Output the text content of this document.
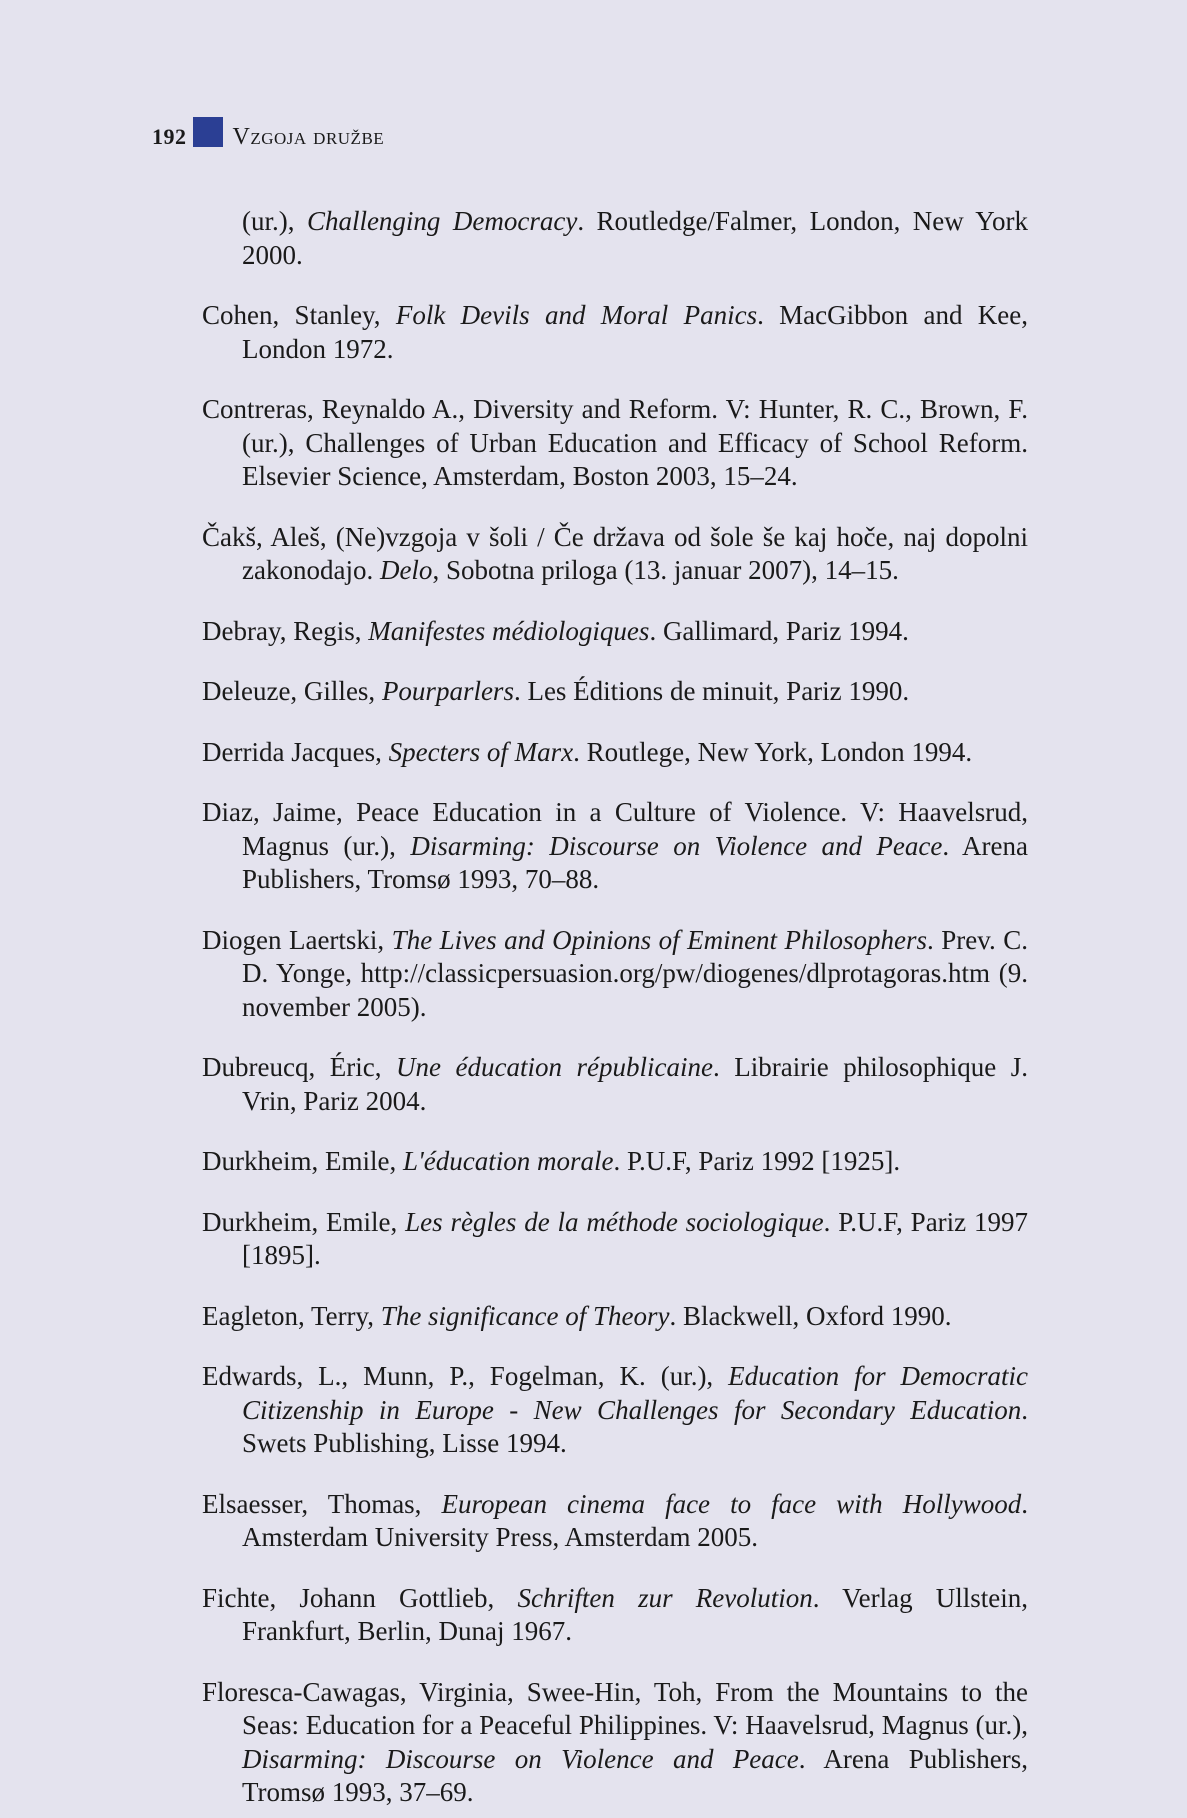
192 Vzgoja družbe

(ur.), Challenging Democracy. Routledge/Falmer, London, New York 2000.

Cohen, Stanley, Folk Devils and Moral Panics. MacGibbon and Kee, London 1972.

Contreras, Reynaldo A., Diversity and Reform. V: Hunter, R. C., Brown, F. (ur.), Challenges of Urban Education and Efficacy of School Reform. Elsevier Science, Amsterdam, Boston 2003, 15–24.

Čakš, Aleš, (Ne)vzgoja v šoli / Če država od šole še kaj hoče, naj dopolni zakonodajo. Delo, Sobotna priloga (13. januar 2007), 14–15.

Debray, Regis, Manifestes médiologiques. Gallimard, Pariz 1994.

Deleuze, Gilles, Pourparlers. Les Éditions de minuit, Pariz 1990.

Derrida Jacques, Specters of Marx. Routlege, New York, London 1994.

Diaz, Jaime, Peace Education in a Culture of Violence. V: Haavelsrud, Magnus (ur.), Disarming: Discourse on Violence and Peace. Arena Publishers, Tromsø 1993, 70–88.

Diogen Laertski, The Lives and Opinions of Eminent Philosophers. Prev. C. D. Yonge, http://classicpersuasion.org/pw/diogenes/dlprotagoras.htm (9. november 2005).

Dubreucq, Éric, Une éducation républicaine. Librairie philosophique J. Vrin, Pariz 2004.

Durkheim, Emile, L'éducation morale. P.U.F, Pariz 1992 [1925].

Durkheim, Emile, Les règles de la méthode sociologique. P.U.F, Pariz 1997 [1895].

Eagleton, Terry, The significance of Theory. Blackwell, Oxford 1990.

Edwards, L., Munn, P., Fogelman, K. (ur.), Education for Democratic Citizenship in Europe - New Challenges for Secondary Education. Swets Publishing, Lisse 1994.

Elsaesser, Thomas, European cinema face to face with Hollywood. Amsterdam University Press, Amsterdam 2005.

Fichte, Johann Gottlieb, Schriften zur Revolution. Verlag Ullstein, Frankfurt, Berlin, Dunaj 1967.

Floresca-Cawagas, Virginia, Swee-Hin, Toh, From the Mountains to the Seas: Education for a Peaceful Philippines. V: Haavelsrud, Magnus (ur.), Disarming: Discourse on Violence and Peace. Arena Publishers, Tromsø 1993, 37–69.
